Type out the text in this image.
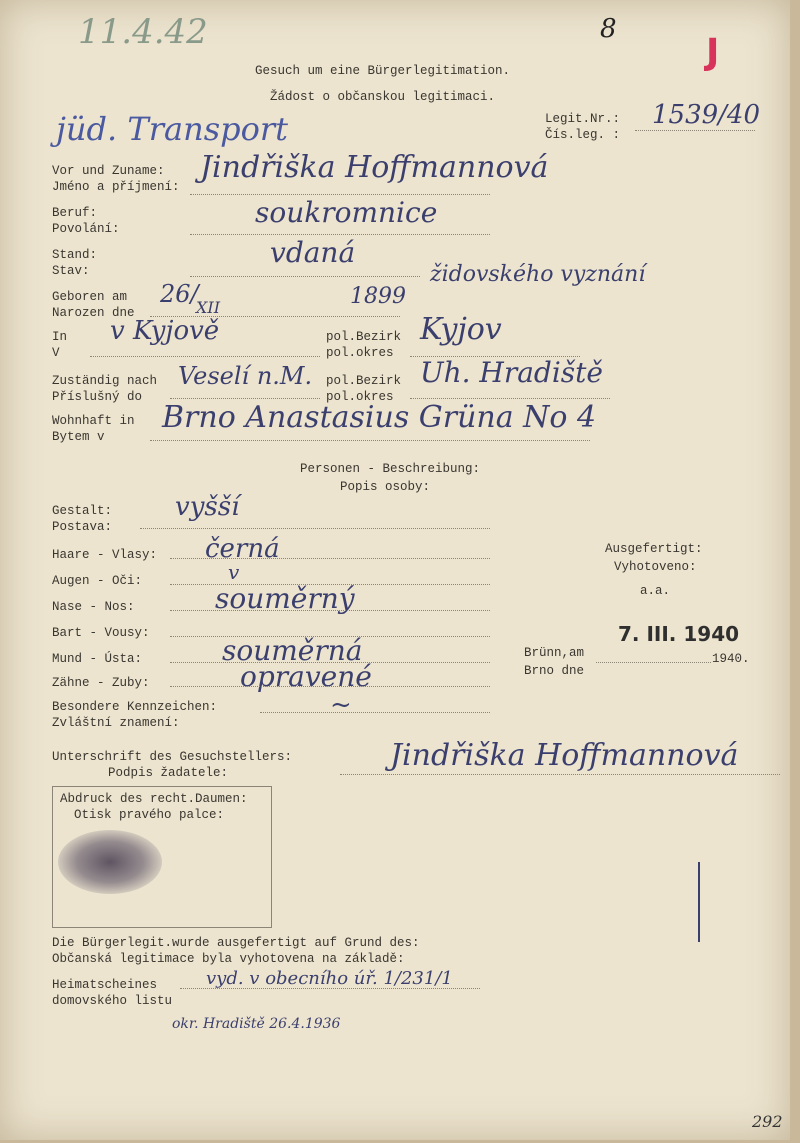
11.4.42	8
J
Gesuch um eine Bürgerlegitimation.
Žádost o občanskou legitimaci.
jüd. Transport	Legit.Nr.:
Čís.leg. :
1539/40
Vor und Zuname:
Jméno a příjmení:
Jindřiška Hoffmannová
Beruf:
Povolání:	soukromnice
Stand:
Stav:
vdaná
židovského vyznání
Geboren am
Narozen dne
26/
XII	1899
In
V
v Kyjově	pol.Bezirk
pol.okres
Kyjov
Zuständig nach
Příslušný do
Veselí n.M. pol.Bezirk
pol.okres
Uh. Hradiště
Wohnhaft in
Bytem v
Brno Anastasius Grüna No 4
Personen - Beschreibung:
Popis osoby:
Gestalt:
Postava:
vyšší
Haare - Vlasy: černá
Augen - Oči:	v
Nase - Nos:	souměrný
Bart - Vousy:
Mund - Ústa:	souměrná
Zähne - Zuby:	opravené
Besondere Kennzeichen:
Zvláštní znamení:
~
Ausgefertigt:
Vyhotoveno:
a.a.
Brünn,am
Brno dne
7. III. 1940
1940.
Unterschrift des Gesuchstellers:
Podpis žadatele:	Jindřiška Hoffmannová
Abdruck des recht.Daumen:
Otisk pravého palce:
Die Bürgerlegit.wurde ausgefertigt auf Grund des:
Občanská legitimace byla vyhotovena na základě:
Heimatscheines
domovského listu
vyd. v obecního úř. 1/231/1
okr. Hradiště 26.4.1936
292
